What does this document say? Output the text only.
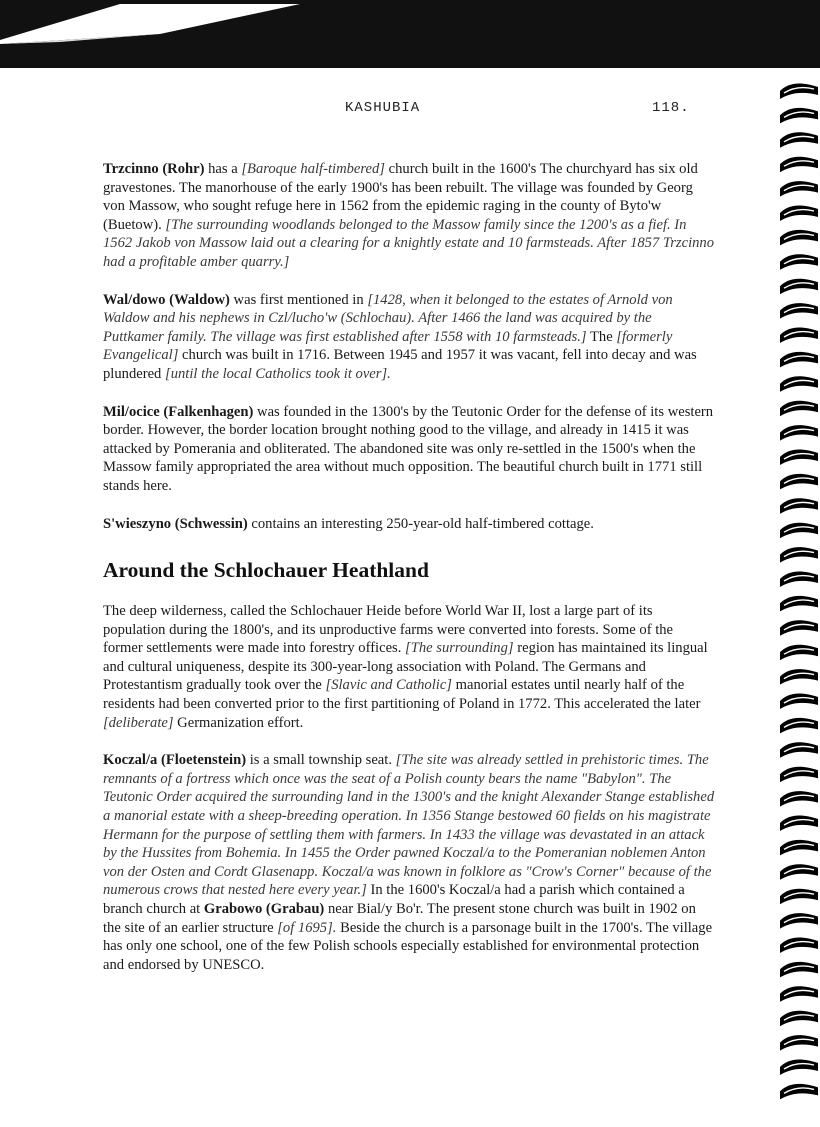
KASHUBIA	118.

Trzcinno (Rohr) has a [Baroque half-timbered] church built in the 1600's The churchyard has six old gravestones. The manorhouse of the early 1900's has been rebuilt. The village was founded by Georg von Massow, who sought refuge here in 1562 from the epidemic raging in the county of Byto'w (Buetow). [The surrounding woodlands belonged to the Massow family since the 1200's as a fief. In 1562 Jakob von Massow laid out a clearing for a knightly estate and 10 farmsteads. After 1857 Trzcinno had a profitable amber quarry.]

Wal/dowo (Waldow) was first mentioned in [1428, when it belonged to the estates of Arnold von Waldow and his nephews in Czl/lucho'w (Schlochau). After 1466 the land was acquired by the Puttkamer family. The village was first established after 1558 with 10 farmsteads.] The [formerly Evangelical] church was built in 1716. Between 1945 and 1957 it was vacant, fell into decay and was plundered [until the local Catholics took it over].

Mil/ocice (Falkenhagen) was founded in the 1300's by the Teutonic Order for the defense of its western border. However, the border location brought nothing good to the village, and already in 1415 it was attacked by Pomerania and obliterated. The abandoned site was only re-settled in the 1500's when the Massow family appropriated the area without much opposition. The beautiful church built in 1771 still stands here.

S'wieszyno (Schwessin) contains an interesting 250-year-old half-timbered cottage.

Around the Schlochauer Heathland

The deep wilderness, called the Schlochauer Heide before World War II, lost a large part of its population during the 1800's, and its unproductive farms were converted into forests. Some of the former settlements were made into forestry offices. [The surrounding] region has maintained its lingual and cultural uniqueness, despite its 300-year-long association with Poland. The Germans and Protestantism gradually took over the [Slavic and Catholic] manorial estates until nearly half of the residents had been converted prior to the first partitioning of Poland in 1772. This accelerated the later [deliberate] Germanization effort.

Koczal/a (Floetenstein) is a small township seat. [The site was already settled in prehistoric times. The remnants of a fortress which once was the seat of a Polish county bears the name "Babylon". The Teutonic Order acquired the surrounding land in the 1300's and the knight Alexander Stange established a manorial estate with a sheep-breeding operation. In 1356 Stange bestowed 60 fields on his magistrate Hermann for the purpose of settling them with farmers. In 1433 the village was devastated in an attack by the Hussites from Bohemia. In 1455 the Order pawned Koczal/a to the Pomeranian noblemen Anton von der Osten and Cordt Glasenapp. Koczal/a was known in folklore as "Crow's Corner" because of the numerous crows that nested here every year.] In the 1600's Koczal/a had a parish which contained a branch church at Grabowo (Grabau) near Bial/y Bo'r. The present stone church was built in 1902 on the site of an earlier structure [of 1695]. Beside the church is a parsonage built in the 1700's. The village has only one school, one of the few Polish schools especially established for environmental protection and endorsed by UNESCO.
